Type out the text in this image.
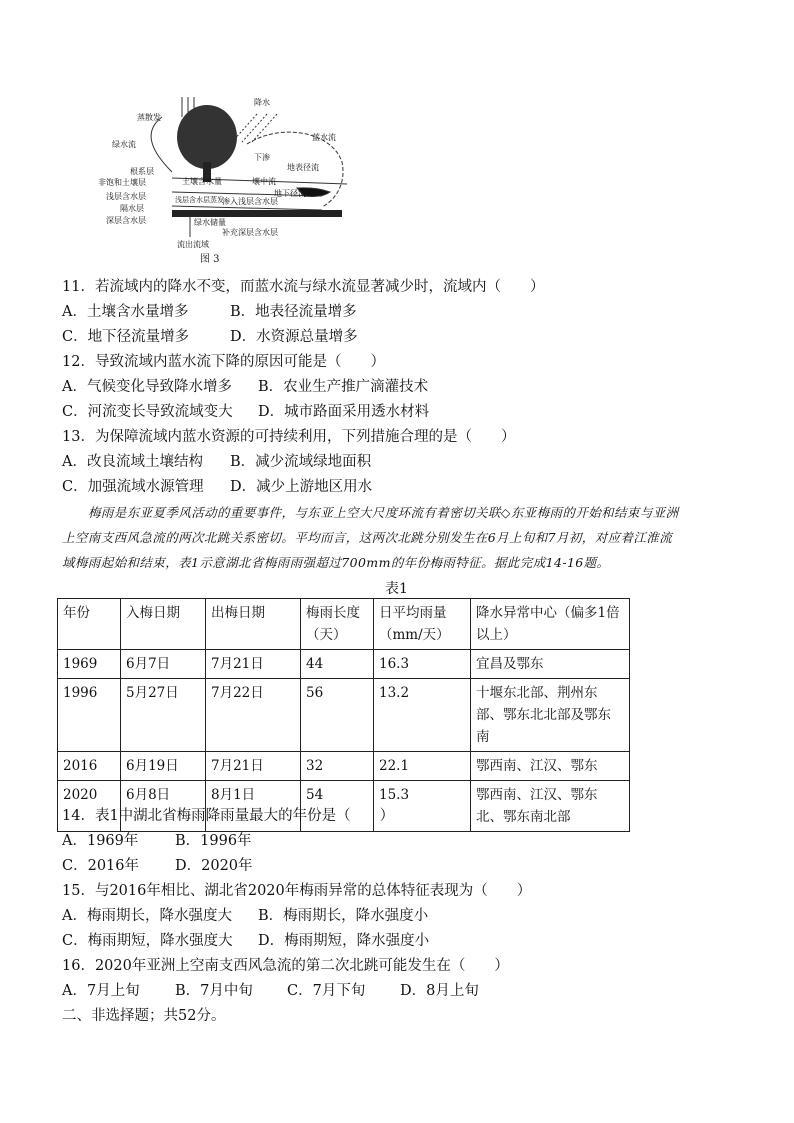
蒸散发
降水
绿水流
蓝水流
根系层
非饱和土壤层
浅层含水层
隔水层
深层含水层
下渗
地表径流
土壤含水量	壤中流
地下径流
浅层含水层蒸发
渗入浅层含水层
绿水储量
补充深层含水层
流出流域
图 3
11．若流域内的降水不变，而蓝水流与绿水流显著减少时，流域内（　　）
A．土壤含水量增多	B．地表径流量增多
C．地下径流量增多	D．水资源总量增多
12．导致流域内蓝水流下降的原因可能是（　　）
A．气候变化导致降水增多 B．农业生产推广滴灌技术
C．河流变长导致流域变大 D．城市路面采用透水材料
13．为保障流域内蓝水资源的可持续利用，下列措施合理的是（　　）
A．改良流域土壤结构 B．减少流域绿地面积
C．加强流域水源管理 D．减少上游地区用水
梅雨是东亚夏季风活动的重要事件，与东亚上空大尺度环流有着密切关联◇东亚梅雨的开始和结束与亚洲
上空南支西风急流的两次北跳关系密切。平均而言，这两次北跳分别发生在6月上旬和7月初，对应着江淮流
域梅雨起始和结束，表1示意湖北省梅雨雨强超过700mm的年份梅雨特征。据此完成14-16题。
表1
年份	入梅日期	出梅日期	梅雨长度（天）	日平均雨量（mm/天）	降水异常中心（偏多1倍以上）
1969	6月7日	7月21日	44	16.3	宜昌及鄂东
1996	5月27日	7月22日	56	13.2	十堰东北部、荆州东部、鄂东北北部及鄂东南
2016	6月19日	7月21日	32	22.1	鄂西南、江汉、鄂东
2020	6月8日	8月1日	54	15.3	鄂西南、江汉、鄂东北、鄂东南北部
14．表1中湖北省梅雨降雨量最大的年份是（　　）
A．1969年	B．1996年
C．2016年 D．2020年
15．与2016年相比、湖北省2020年梅雨异常的总体特征表现为（　　）
A．梅雨期长，降水强度大 B．梅雨期长，降水强度小
C．梅雨期短，降水强度大 D．梅雨期短，降水强度小
16．2020年亚洲上空南支西风急流的第二次北跳可能发生在（　　）
A．7月上旬 B．7月中旬 C．7月下旬 D．8月上旬
二、非选择题；共52分。
